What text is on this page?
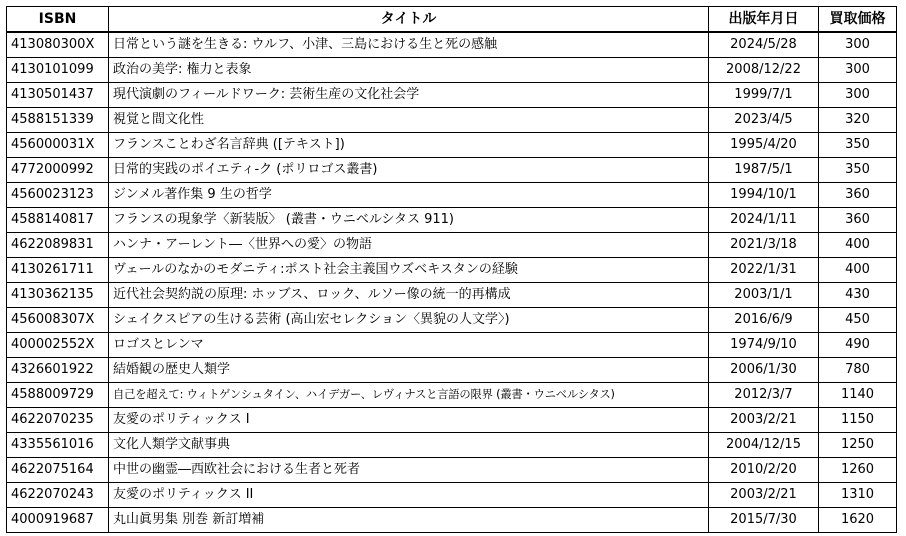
ISBN	タイトル	出版年月日	買取価格
413080300X	日常という謎を生きる: ウルフ、小津、三島における生と死の感触	2024/5/28	300
4130101099	政治の美学: 権力と表象	2008/12/22	300
4130501437	現代演劇のフィールドワーク: 芸術生産の文化社会学	1999/7/1	300
4588151339	視覚と間文化性	2023/4/5	320
456000031X	フランスことわざ名言辞典 ([テキスト])	1995/4/20	350
4772000992	日常的実践のポイエティ-ク (ポリロゴス叢書)	1987/5/1	350
4560023123	ジンメル著作集 9 生の哲学	1994/10/1	360
4588140817	フランスの現象学〈新装版〉 (叢書・ウニベルシタス 911)	2024/1/11	360
4622089831	ハンナ・アーレント―〈世界への愛〉の物語	2021/3/18	400
4130261711	ヴェールのなかのモダニティ:ポスト社会主義国ウズベキスタンの経験	2022/1/31	400
4130362135	近代社会契約説の原理: ホッブス、ロック、ルソー像の統一的再構成	2003/1/1	430
456008307X	シェイクスピアの生ける芸術 (高山宏セレクション〈異貌の人文学〉)	2016/6/9	450
400002552X	ロゴスとレンマ	1974/9/10	490
4326601922	結婚観の歴史人類学	2006/1/30	780
4588009729	自己を超えて: ウィトゲンシュタイン、ハイデガー、レヴィナスと言語の限界 (叢書・ウニベルシタス)	2012/3/7	1140
4622070235	友愛のポリティックス I	2003/2/21	1150
4335561016	文化人類学文献事典	2004/12/15	1250
4622075164	中世の幽霊―西欧社会における生者と死者	2010/2/20	1260
4622070243	友愛のポリティックス II	2003/2/21	1310
4000919687	丸山眞男集 別巻 新訂増補	2015/7/30	1620
